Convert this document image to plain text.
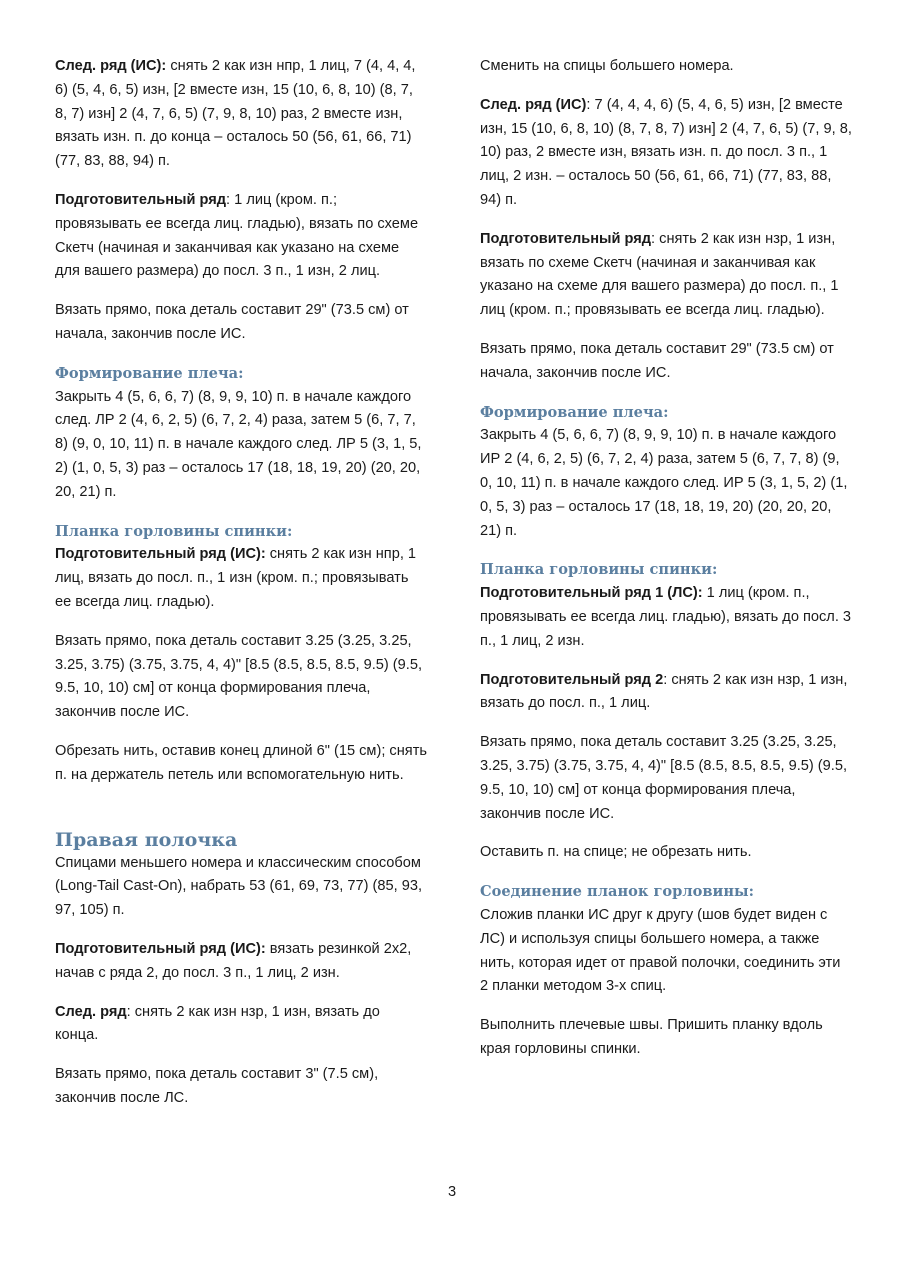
След. ряд (ИС): снять 2 как изн нпр, 1 лиц, 7 (4, 4, 4, 6) (5, 4, 6, 5) изн, [2 вместе изн, 15 (10, 6, 8, 10) (8, 7, 8, 7) изн] 2 (4, 7, 6, 5) (7, 9, 8, 10) раз, 2 вместе изн, вязать изн. п. до конца – осталось 50 (56, 61, 66, 71) (77, 83, 88, 94) п.

Подготовительный ряд: 1 лиц (кром. п.; провязывать ее всегда лиц. гладью), вязать по схеме Скетч (начиная и заканчивая как указано на схеме для вашего размера) до посл. 3 п., 1 изн, 2 лиц.

Вязать прямо, пока деталь составит 29" (73.5 см) от начала, закончив после ИС.

Формирование плеча:

Закрыть 4 (5, 6, 6, 7) (8, 9, 9, 10) п. в начале каждого след. ЛР 2 (4, 6, 2, 5) (6, 7, 2, 4) раза, затем 5 (6, 7, 7, 8) (9, 0, 10, 11) п. в начале каждого след. ЛР 5 (3, 1, 5, 2) (1, 0, 5, 3) раз – осталось 17 (18, 18, 19, 20) (20, 20, 20, 21) п.

Планка горловины спинки:

Подготовительный ряд (ИС): снять 2 как изн нпр, 1 лиц, вязать до посл. п., 1 изн (кром. п.; провязывать ее всегда лиц. гладью).

Вязать прямо, пока деталь составит 3.25 (3.25, 3.25, 3.25, 3.75) (3.75, 3.75, 4, 4)" [8.5 (8.5, 8.5, 8.5, 9.5) (9.5, 9.5, 10, 10) см] от конца формирования плеча, закончив после ИС.

Обрезать нить, оставив конец длиной 6" (15 см); снять п. на держатель петель или вспомогательную нить.

Правая полочка

Спицами меньшего номера и классическим способом (Long-Tail Cast-On), набрать 53 (61, 69, 73, 77) (85, 93, 97, 105) п.

Подготовительный ряд (ИС): вязать резинкой 2х2, начав с ряда 2, до посл. 3 п., 1 лиц, 2 изн.

След. ряд: снять 2 как изн нзр, 1 изн, вязать до конца.

Вязать прямо, пока деталь составит 3" (7.5 см), закончив после ЛС.

Сменить на спицы большего номера.

След. ряд (ИС): 7 (4, 4, 4, 6) (5, 4, 6, 5) изн, [2 вместе изн, 15 (10, 6, 8, 10) (8, 7, 8, 7) изн] 2 (4, 7, 6, 5) (7, 9, 8, 10) раз, 2 вместе изн, вязать изн. п. до посл. 3 п., 1 лиц, 2 изн. – осталось 50 (56, 61, 66, 71) (77, 83, 88, 94) п.

Подготовительный ряд: снять 2 как изн нзр, 1 изн, вязать по схеме Скетч (начиная и заканчивая как указано на схеме для вашего размера) до посл. п., 1 лиц (кром. п.; провязывать ее всегда лиц. гладью).

Вязать прямо, пока деталь составит 29" (73.5 см) от начала, закончив после ИС.

Формирование плеча:

Закрыть 4 (5, 6, 6, 7) (8, 9, 9, 10) п. в начале каждого ИР 2 (4, 6, 2, 5) (6, 7, 2, 4) раза, затем 5 (6, 7, 7, 8) (9, 0, 10, 11) п. в начале каждого след. ИР 5 (3, 1, 5, 2) (1, 0, 5, 3) раз – осталось 17 (18, 18, 19, 20) (20, 20, 20, 21) п.

Планка горловины спинки:

Подготовительный ряд 1 (ЛС): 1 лиц (кром. п., провязывать ее всегда лиц. гладью), вязать до посл. 3 п., 1 лиц, 2 изн.

Подготовительный ряд 2: снять 2 как изн нзр, 1 изн, вязать до посл. п., 1 лиц.

Вязать прямо, пока деталь составит 3.25 (3.25, 3.25, 3.25, 3.75) (3.75, 3.75, 4, 4)" [8.5 (8.5, 8.5, 8.5, 9.5) (9.5, 9.5, 10, 10) см] от конца формирования плеча, закончив после ИС.

Оставить п. на спице; не обрезать нить.

Соединение планок горловины:

Сложив планки ИС друг к другу (шов будет виден с ЛС) и используя спицы большего номера, а также нить, которая идет от правой полочки, соединить эти 2 планки методом 3-х спиц.

Выполнить плечевые швы. Пришить планку вдоль края горловины спинки.

3
